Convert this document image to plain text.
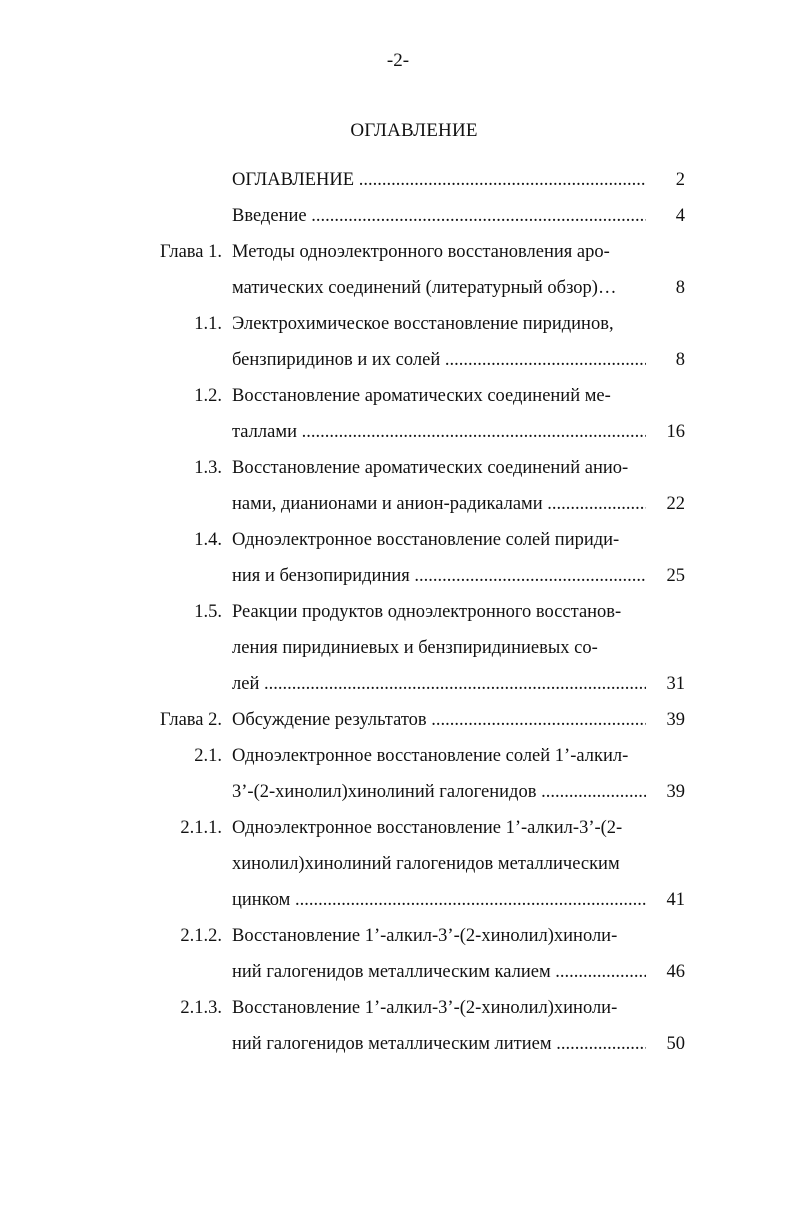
-2-
ОГЛАВЛЕНИЕ
ОГЛАВЛЕНИЕ .....	2
Введение .....	4
Глава 1. Методы одноэлектронного восстановления аро-
матических соединений (литературный обзор)…	8
1.1. Электрохимическое восстановление пиридинов,
бензпиридинов и их солей .....	8
1.2. Восстановление ароматических соединений ме-
таллами .....	16
1.3. Восстановление ароматических соединений анио-
нами, дианионами и анион-радикалами .....	22
1.4. Одноэлектронное восстановление солей пириди-
ния и бензопиридиния .....	25
1.5. Реакции продуктов одноэлектронного восстанов-
ления пиридиниевых и бензпиридиниевых со-
лей .....	31
Глава 2. Обсуждение результатов .....	39
2.1. Одноэлектронное восстановление солей 1’-алкил-
3’-(2-хинолил)хинолиний галогенидов .....	39
2.1.1. Одноэлектронное восстановление 1’-алкил-3’-(2-
хинолил)хинолиний галогенидов металлическим
цинком .....	41
2.1.2. Восстановление 1’-алкил-3’-(2-хинолил)хиноли-
ний галогенидов металлическим калием .....	46
2.1.3. Восстановление 1’-алкил-3’-(2-хинолил)хиноли-
ний галогенидов металлическим литием .....	50
